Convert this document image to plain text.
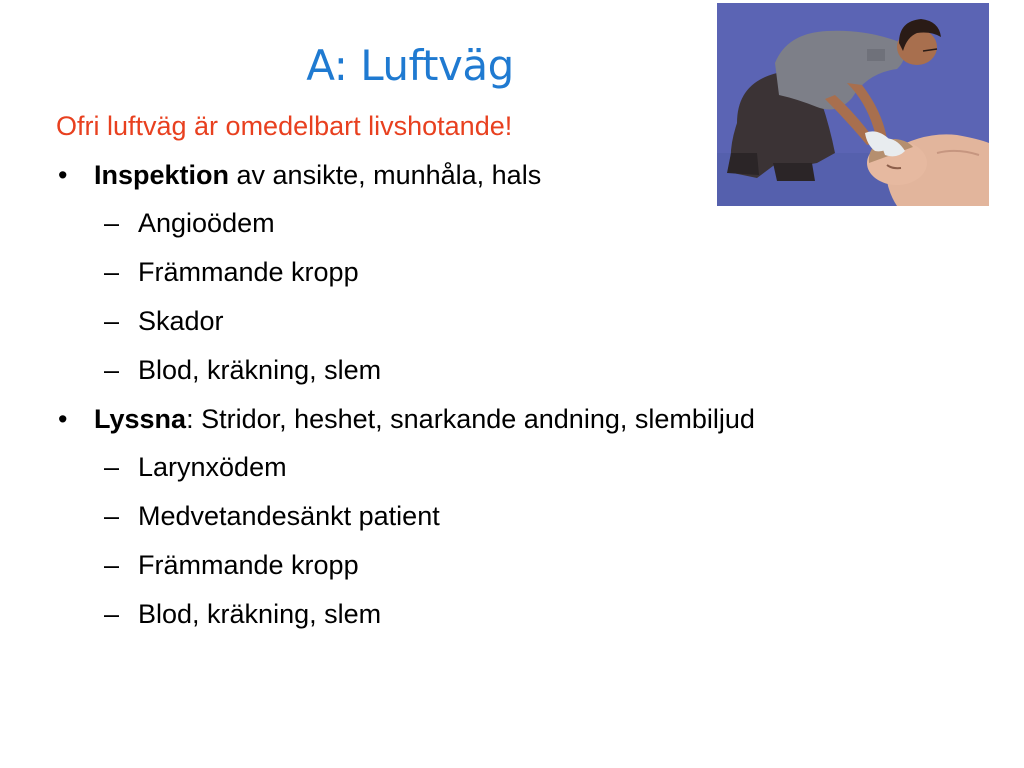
A: Luftväg
Ofri luftväg är omedelbart livshotande!
• Inspektion av ansikte, munhåla, hals
– Angioödem
– Främmande kropp
– Skador
– Blod, kräkning, slem
• Lyssna: Stridor, heshet, snarkande andning, slembiljud
– Larynxödem
– Medvetandesänkt patient
– Främmande kropp
– Blod, kräkning, slem
